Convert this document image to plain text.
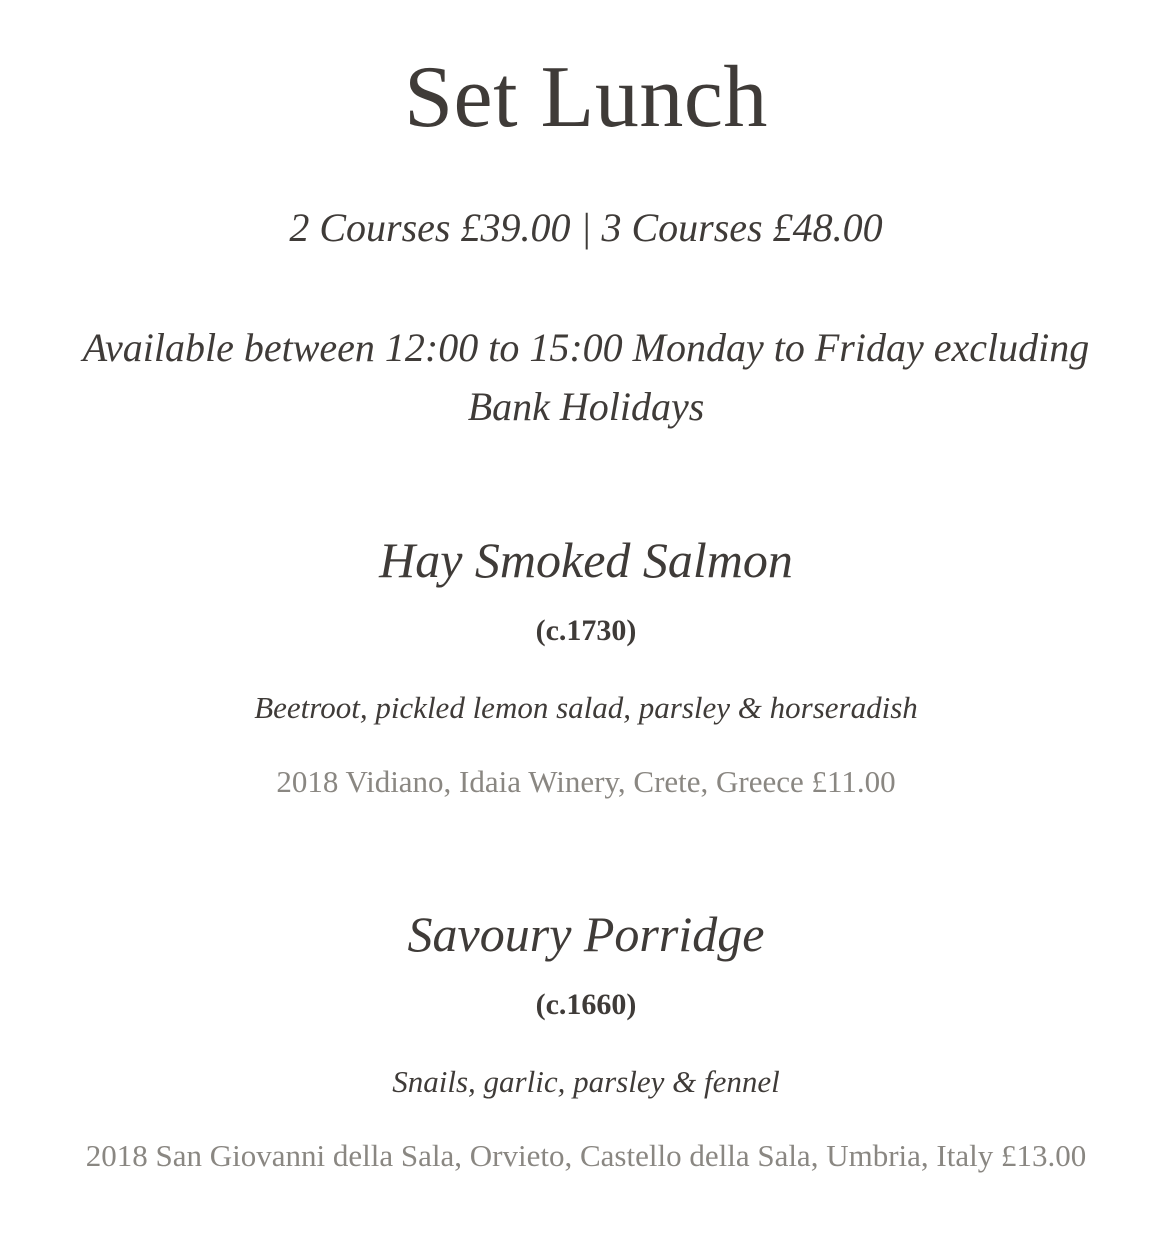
Set Lunch

2 Courses £39.00 | 3 Courses £48.00

Available between 12:00 to 15:00 Monday to Friday excluding Bank Holidays

Hay Smoked Salmon

(c.1730)

Beetroot, pickled lemon salad, parsley & horseradish

2018 Vidiano, Idaia Winery, Crete, Greece £11.00

Savoury Porridge

(c.1660)

Snails, garlic, parsley & fennel

2018 San Giovanni della Sala, Orvieto, Castello della Sala, Umbria, Italy £13.00
